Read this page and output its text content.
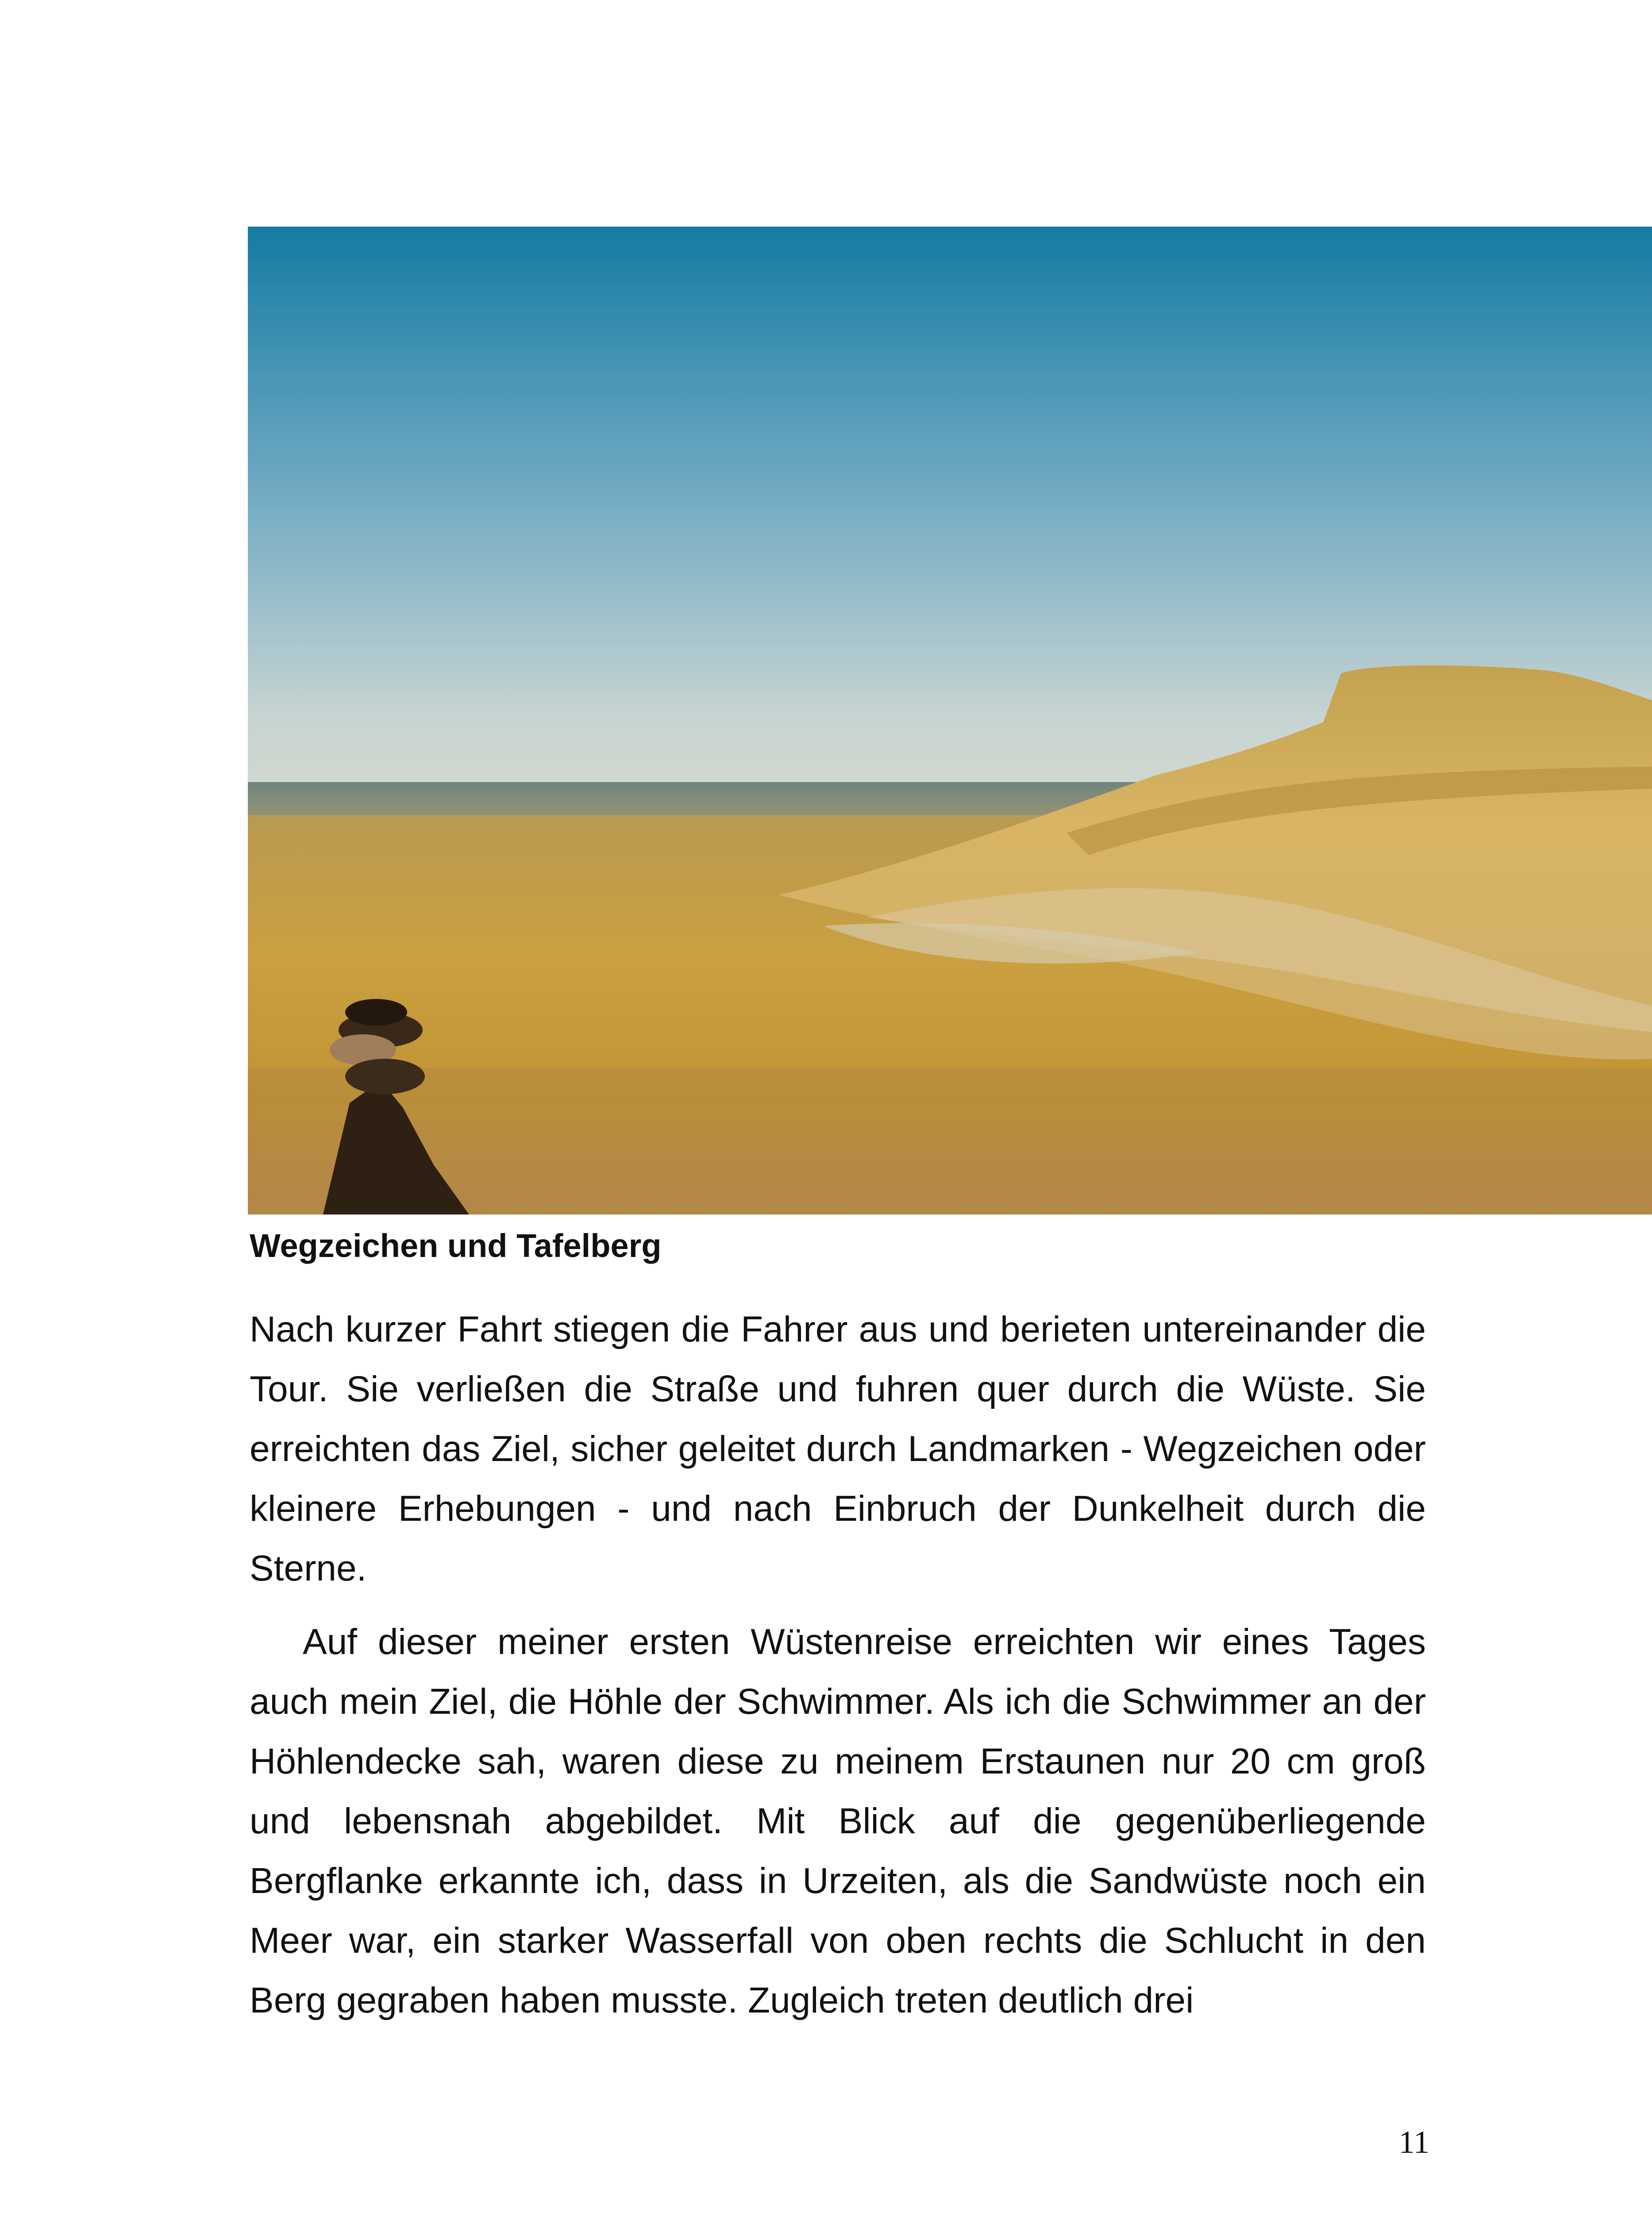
Wegzeichen und Tafelberg
Nach kurzer Fahrt stiegen die Fahrer aus und berieten untereinander die Tour. Sie verließen die Straße und fuhren quer durch die Wüste. Sie erreichten das Ziel, sicher geleitet durch Landmarken - Wegzeichen oder kleinere Erhebungen - und nach Einbruch der Dunkelheit durch die Sterne.
Auf dieser meiner ersten Wüstenreise erreichten wir eines Tages auch mein Ziel, die Höhle der Schwimmer. Als ich die Schwimmer an der Höhlendecke sah, waren diese zu meinem Erstaunen nur 20 cm groß und lebensnah abgebildet. Mit Blick auf die gegenüberliegende Bergflanke erkannte ich, dass in Urzeiten, als die Sandwüste noch ein Meer war, ein starker Wasserfall von oben rechts die Schlucht in den Berg gegraben haben musste. Zugleich treten deutlich drei
11
